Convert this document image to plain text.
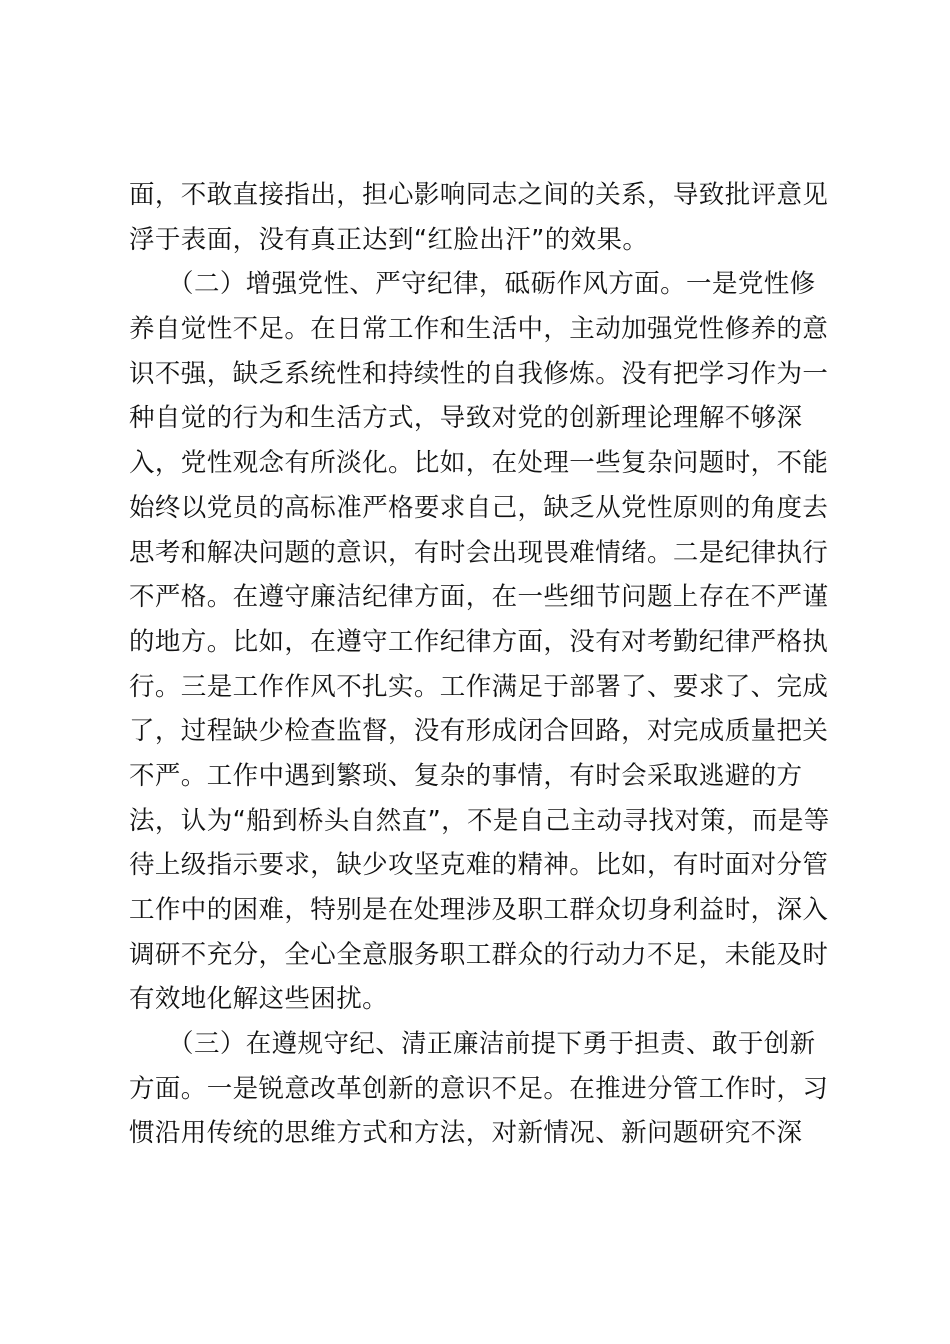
面，不敢直接指出，担心影响同志之间的关系，导致批评意见
浮于表面，没有真正达到“红脸出汗”的效果。
　　（二）增强党性、严守纪律，砥砺作风方面。一是党性修
养自觉性不足。在日常工作和生活中，主动加强党性修养的意
识不强，缺乏系统性和持续性的自我修炼。没有把学习作为一
种自觉的行为和生活方式，导致对党的创新理论理解不够深
入，党性观念有所淡化。比如，在处理一些复杂问题时，不能
始终以党员的高标准严格要求自己，缺乏从党性原则的角度去
思考和解决问题的意识，有时会出现畏难情绪。二是纪律执行
不严格。在遵守廉洁纪律方面，在一些细节问题上存在不严谨
的地方。比如，在遵守工作纪律方面，没有对考勤纪律严格执
行。三是工作作风不扎实。工作满足于部署了、要求了、完成
了，过程缺少检查监督，没有形成闭合回路，对完成质量把关
不严。工作中遇到繁琐、复杂的事情，有时会采取逃避的方
法，认为“船到桥头自然直”，不是自己主动寻找对策，而是等
待上级指示要求，缺少攻坚克难的精神。比如，有时面对分管
工作中的困难，特别是在处理涉及职工群众切身利益时，深入
调研不充分，全心全意服务职工群众的行动力不足，未能及时
有效地化解这些困扰。
　　（三）在遵规守纪、清正廉洁前提下勇于担责、敢于创新
方面。一是锐意改革创新的意识不足。在推进分管工作时，习
惯沿用传统的思维方式和方法，对新情况、新问题研究不深
